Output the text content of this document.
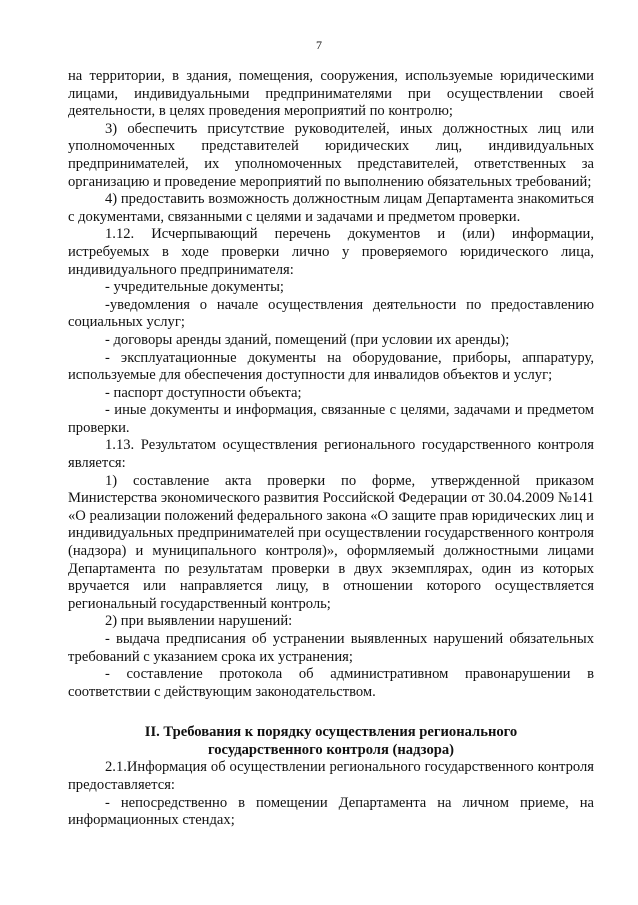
7

на территории, в здания, помещения, сооружения, используемые юридическими лицами, индивидуальными предпринимателями при осуществлении своей деятельности, в целях проведения мероприятий по контролю;

3) обеспечить присутствие руководителей, иных должностных лиц или уполномоченных представителей юридических лиц, индивидуальных предпринимателей, их уполномоченных представителей, ответственных за организацию и проведение мероприятий по выполнению обязательных требований;

4) предоставить возможность должностным лицам Департамента знакомиться с документами, связанными с целями и задачами и предметом проверки.

1.12. Исчерпывающий перечень документов и (или) информации, истребуемых в ходе проверки лично у проверяемого юридического лица, индивидуального предпринимателя:

- учредительные документы;

-уведомления о начале осуществления деятельности по предоставлению социальных услуг;

- договоры аренды зданий, помещений (при условии их аренды);

- эксплуатационные документы на оборудование, приборы, аппаратуру, используемые для обеспечения доступности для инвалидов объектов и услуг;

- паспорт доступности объекта;

- иные документы и информация, связанные с целями, задачами и предметом проверки.

1.13. Результатом осуществления регионального государственного контроля является:

1) составление акта проверки по форме, утвержденной приказом Министерства экономического развития Российской Федерации от 30.04.2009 №141 «О реализации положений федерального закона «О защите прав юридических лиц и индивидуальных предпринимателей при осуществлении государственного контроля (надзора) и муниципального контроля)», оформляемый должностными лицами Департамента по результатам проверки в двух экземплярах, один из которых вручается или направляется лицу, в отношении которого осуществляется региональный государственный контроль;

2) при выявлении нарушений:

- выдача предписания об устранении выявленных нарушений обязательных требований с указанием срока их устранения;

- составление протокола об административном правонарушении в соответствии с действующим законодательством.

II. Требования к порядку осуществления регионального
государственного контроля (надзора)

2.1.Информация об осуществлении регионального государственного контроля предоставляется:

- непосредственно в помещении Департамента на личном приеме, на информационных стендах;
